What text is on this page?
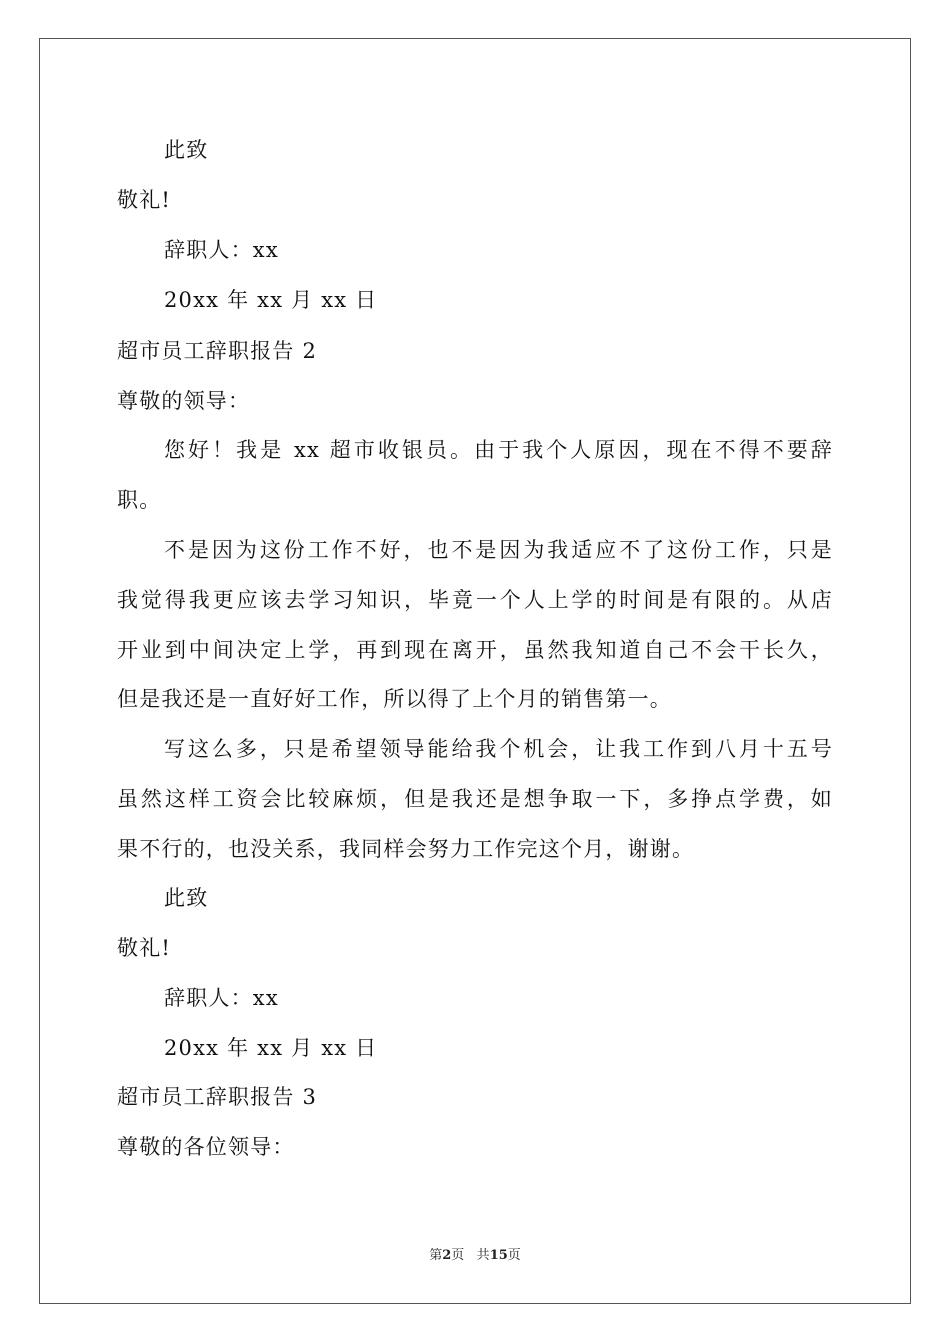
此致
敬礼!
辞职人：xx
20xx 年 xx 月 xx 日
超市员工辞职报告 2
尊敬的领导：
您好！我是 xx 超市收银员。由于我个人原因，现在不得不要辞
职。
不是因为这份工作不好，也不是因为我适应不了这份工作，只是
我觉得我更应该去学习知识，毕竟一个人上学的时间是有限的。从店
开业到中间决定上学，再到现在离开，虽然我知道自己不会干长久，
但是我还是一直好好工作，所以得了上个月的销售第一。
写这么多，只是希望领导能给我个机会，让我工作到八月十五号
虽然这样工资会比较麻烦，但是我还是想争取一下，多挣点学费，如
果不行的，也没关系，我同样会努力工作完这个月，谢谢。
此致
敬礼!
辞职人：xx
20xx 年 xx 月 xx 日
超市员工辞职报告 3
尊敬的各位领导：
第2页 共15页
